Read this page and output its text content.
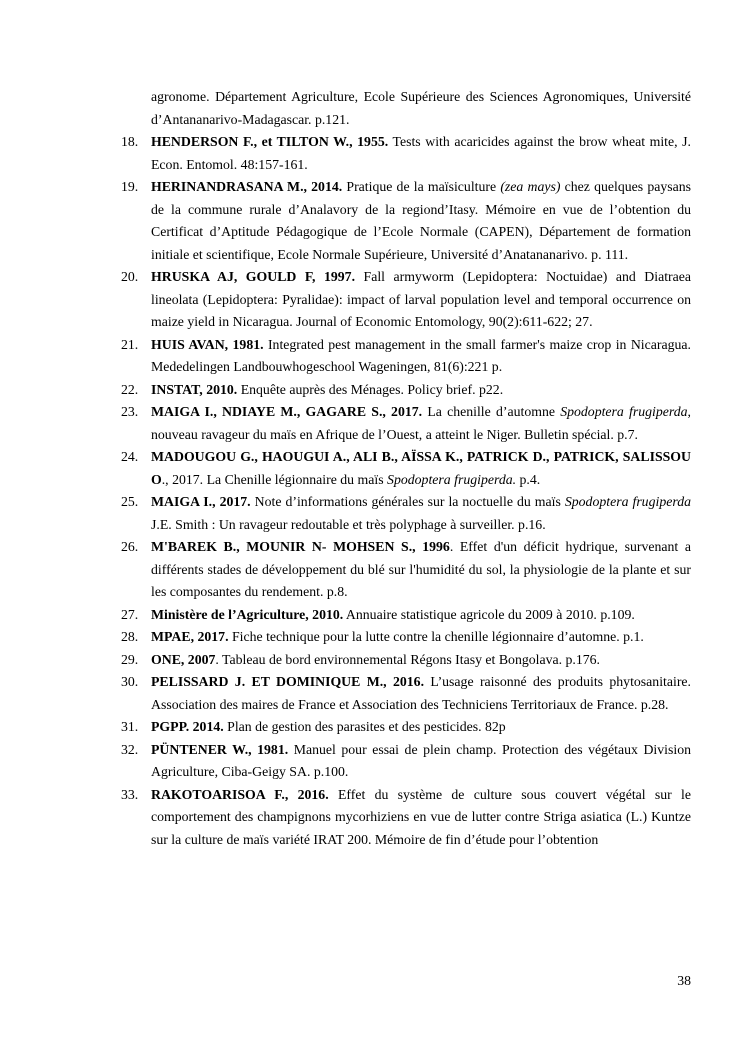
agronome. Département Agriculture, Ecole Supérieure des Sciences Agronomiques, Université d’Antananarivo-Madagascar. p.121.
18. HENDERSON F., et TILTON W., 1955. Tests with acaricides against the brow wheat mite, J. Econ. Entomol. 48:157-161.
19. HERINANDRASANA M., 2014. Pratique de la maïsiculture (zea mays) chez quelques paysans de la commune rurale d’Analavory de la regiond’Itasy. Mémoire en vue de l’obtention du Certificat d’Aptitude Pédagogique de l’Ecole Normale (CAPEN), Département de formation initiale et scientifique, Ecole Normale Supérieure, Université d’Anatananarivo. p. 111.
20. HRUSKA AJ, GOULD F, 1997. Fall armyworm (Lepidoptera: Noctuidae) and Diatraea lineolata (Lepidoptera: Pyralidae): impact of larval population level and temporal occurrence on maize yield in Nicaragua. Journal of Economic Entomology, 90(2):611-622; 27.
21. HUIS AVAN, 1981. Integrated pest management in the small farmer's maize crop in Nicaragua. Mededelingen Landbouwhogeschool Wageningen, 81(6):221 p.
22. INSTAT, 2010. Enquête auprès des Ménages. Policy brief. p22.
23. MAIGA I., NDIAYE M., GAGARE S., 2017. La chenille d’automne Spodoptera frugiperda, nouveau ravageur du maïs en Afrique de l’Ouest, a atteint le Niger. Bulletin spécial. p.7.
24. MADOUGOU G., HAOUGUI A., ALI B., AÏSSA K., PATRICK D., PATRICK, SALISSOU O., 2017. La Chenille légionnaire du maïs Spodoptera frugiperda. p.4.
25. MAIGA I., 2017. Note d’informations générales sur la noctuelle du maïs Spodoptera frugiperda J.E. Smith : Un ravageur redoutable et très polyphage à surveiller. p.16.
26. M'BAREK B., MOUNIR N- MOHSEN S., 1996. Effet d'un déficit hydrique, survenant a différents stades de développement du blé sur l'humidité du sol, la physiologie de la plante et sur les composantes du rendement. p.8.
27. Ministère de l’Agriculture, 2010. Annuaire statistique agricole du 2009 à 2010. p.109.
28. MPAE, 2017. Fiche technique pour la lutte contre la chenille légionnaire d’automne. p.1.
29. ONE, 2007. Tableau de bord environnemental Régons Itasy et Bongolava. p.176.
30. PELISSARD J. ET DOMINIQUE M., 2016. L’usage raisonné des produits phytosanitaire. Association des maires de France et Association des Techniciens Territoriaux de France. p.28.
31. PGPP. 2014. Plan de gestion des parasites et des pesticides. 82p
32. PÜNTENER W., 1981. Manuel pour essai de plein champ. Protection des végétaux Division Agriculture, Ciba-Geigy SA. p.100.
33. RAKOTOARISOA F., 2016. Effet du système de culture sous couvert végétal sur le comportement des champignons mycorhiziens en vue de lutter contre Striga asiatica (L.) Kuntze sur la culture de maïs variété IRAT 200. Mémoire de fin d’étude pour l’obtention
38
